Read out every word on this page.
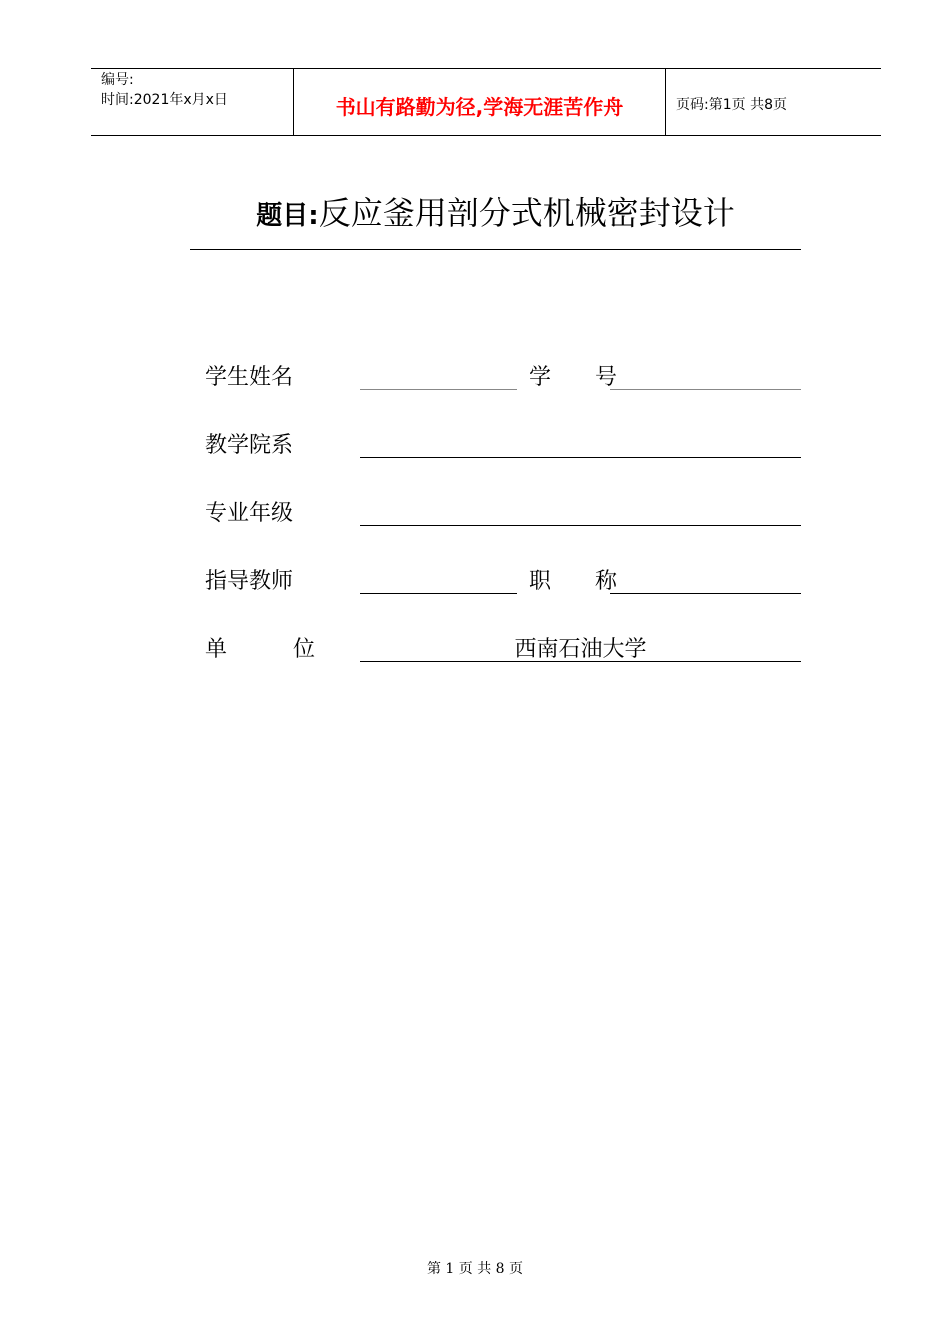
编号:
时间:2021年x月x日	书山有路勤为径,学海无涯苦作舟	页码:第1页 共8页
题目:反应釜用剖分式机械密封设计
学生姓名	学　　号
教学院系
专业年级
指导教师	职　　称
单　　　位	西南石油大学
第 1 页 共 8 页
